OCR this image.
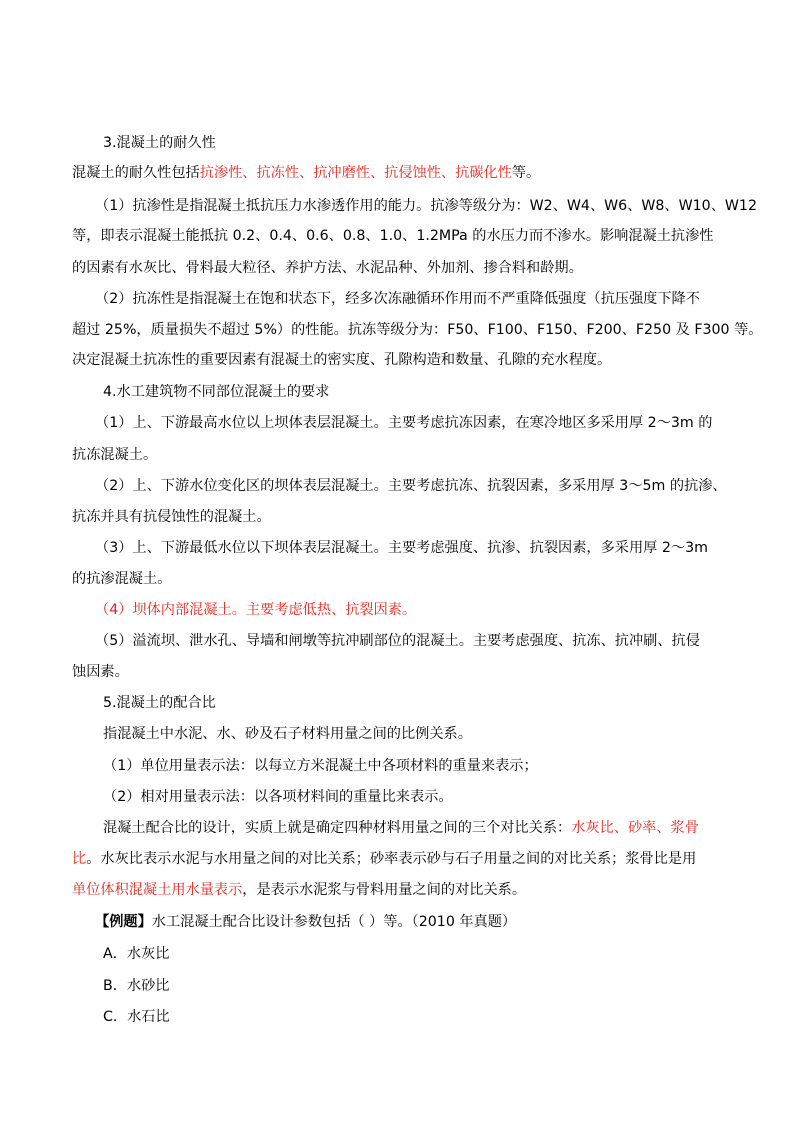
3.混凝土的耐久性
混凝土的耐久性包括抗渗性、抗冻性、抗冲磨性、抗侵蚀性、抗碳化性等。
（1）抗渗性是指混凝土抵抗压力水渗透作用的能力。抗渗等级分为：W2、W4、W6、W8、W10、W12
等，即表示混凝土能抵抗 0.2、0.4、0.6、0.8、1.0、1.2MPa 的水压力而不渗水。影响混凝土抗渗性
的因素有水灰比、骨料最大粒径、养护方法、水泥品种、外加剂、掺合料和龄期。
（2）抗冻性是指混凝土在饱和状态下，经多次冻融循环作用而不严重降低强度（抗压强度下降不
超过 25%，质量损失不超过 5%）的性能。抗冻等级分为：F50、F100、F150、F200、F250 及 F300 等。
决定混凝土抗冻性的重要因素有混凝土的密实度、孔隙构造和数量、孔隙的充水程度。
4.水工建筑物不同部位混凝土的要求
（1）上、下游最高水位以上坝体表层混凝土。主要考虑抗冻因素，在寒冷地区多采用厚 2～3m 的
抗冻混凝土。
（2）上、下游水位变化区的坝体表层混凝土。主要考虑抗冻、抗裂因素，多采用厚 3～5m 的抗渗、
抗冻并具有抗侵蚀性的混凝土。
（3）上、下游最低水位以下坝体表层混凝土。主要考虑强度、抗渗、抗裂因素，多采用厚 2～3m
的抗渗混凝土。
（4）坝体内部混凝土。主要考虑低热、抗裂因素。
（5）溢流坝、泄水孔、导墙和闸墩等抗冲刷部位的混凝土。主要考虑强度、抗冻、抗冲刷、抗侵
蚀因素。
5.混凝土的配合比
指混凝土中水泥、水、砂及石子材料用量之间的比例关系。
（1）单位用量表示法：以每立方米混凝土中各项材料的重量来表示；
（2）相对用量表示法：以各项材料间的重量比来表示。
混凝土配合比的设计，实质上就是确定四种材料用量之间的三个对比关系：水灰比、砂率、浆骨
比。水灰比表示水泥与水用量之间的对比关系；砂率表示砂与石子用量之间的对比关系；浆骨比是用
单位体积混凝土用水量表示，是表示水泥浆与骨料用量之间的对比关系。
【例题】水工混凝土配合比设计参数包括（ ）等。（2010 年真题）
A．水灰比
B．水砂比
C．水石比
